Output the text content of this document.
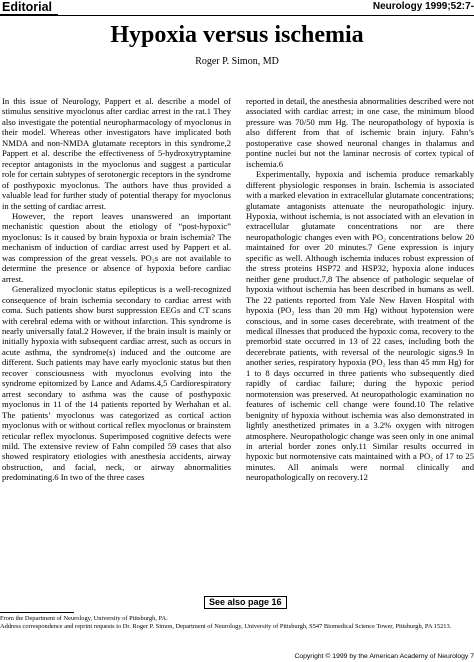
Editorial	Neurology 1999;52:7-
Hypoxia versus ischemia
Roger P. Simon, MD

In this issue of Neurology, Pappert et al. describe a model of stimulus sensitive myoclonus after cardiac arrest in the rat.1 They also investigate the potential neuropharmacology of myoclonus in their model. Whereas other investigators have implicated both NMDA and non-NMDA glutamate receptors in this syndrome,2 Pappert et al. describe the effectiveness of 5-hydroxytryptamine receptor antagonists in the myoclonus and suggest a particular role for certain subtypes of serotonergic receptors in the syndrome of posthypoxic myoclonus. The authors have thus provided a valuable lead for further study of potential therapy for myoclonus in the setting of cardiac arrest.

However, the report leaves unanswered an important mechanistic question about the etiology of “post-hypoxic” myoclonus: Is it caused by brain hypoxia or brain ischemia? The mechanism of induction of cardiac arrest used by Pappert et al. was compression of the great vessels. PO₂s are not available to determine the presence or absence of hypoxia before cardiac arrest.

Generalized myoclonic status epilepticus is a well-recognized consequence of brain ischemia secondary to cardiac arrest with coma. Such patients show burst suppression EEGs and CT scans with cerebral edema with or without infarction. This syndrome is nearly universally fatal.2 However, if the brain insult is mainly or initially hypoxia with subsequent cardiac arrest, such as occurs in acute asthma, the syndrome(s) induced and the outcome are different. Such patients may have early myoclonic status but then recover consciousness with myoclonus evolving into the syndrome epitomized by Lance and Adams.4,5 Cardiorespiratory arrest secondary to asthma was the cause of posthypoxic myoclonus in 11 of the 14 patients reported by Werhahan et al. The patients’ myoclonus was categorized as cortical action myoclonus with or without cortical reflex myoclonus or brainstem reticular reflex myoclonus. Superimposed cognitive defects were mild. The extensive review of Fahn compiled 59 cases that also showed respiratory etiologies with anesthesia accidents, airway obstruction, and facial, neck, or airway abnormalities predominating.6 In two of the three cases

reported in detail, the anesthesia abnormalities described were not associated with cardiac arrest; in one case, the minimum blood pressure was 70/50 mm Hg. The neuropathology of hypoxia is also different from that of ischemic brain injury. Fahn’s postoperative case showed neuronal changes in thalamus and pontine nuclei but not the laminar necrosis of cortex typical of ischemia.6

Experimentally, hypoxia and ischemia produce remarkably different physiologic responses in brain. Ischemia is associated with a marked elevation in extracellular glutamate concentrations; glutamate antagonists attenuate the neuropathologic injury. Hypoxia, without ischemia, is not associated with an elevation in extracellular glutamate concentrations nor are there neuropathologic changes even with PO₂ concentrations below 20 maintained for over 20 minutes.7 Gene expression is injury specific as well. Although ischemia induces robust expression of the stress proteins HSP72 and HSP32, hypoxia alone induces neither gene product.7,8 The absence of pathologic sequelae of hypoxia without ischemia has been described in humans as well. The 22 patients reported from Yale New Haven Hospital with hypoxia (PO₂ less than 20 mm Hg) without hypotension were conscious, and in some cases decerebrate, with treatment of the medical illnesses that produced the hypoxic coma, recovery to the premorbid state occurred in 13 of 22 cases, including both the decerebrate patients, with reversal of the neurologic signs.9 In another series, respiratory hypoxia (PO₂ less than 45 mm Hg) for 1 to 8 days occurred in three patients who subsequently died rapidly of cardiac failure; during the hypoxic period normotension was preserved. At neuropathologic examination no features of ischemic cell change were found.10 The relative benignity of hypoxia without ischemia was also demonstrated in lightly anesthetized primates in a 3.2% oxygen with nitrogen atmosphere. Neuropathologic change was seen only in one animal in arterial border zones only.11 Similar results occurred in hypoxic but normotensive cats maintained with a PO₂ of 17 to 25 minutes. All animals were normal clinically and neuropathologically on recovery.12

See also page 16
From the Department of Neurology, University of Pittsburgh, PA.
Address correspondence and reprint requests to Dr. Roger P. Simon, Department of Neurology, University of Pittsburgh, S547 Biomedical Science Tower, Pittsburgh, PA 15213.
Copyright © 1999 by the American Academy of Neurology 7
